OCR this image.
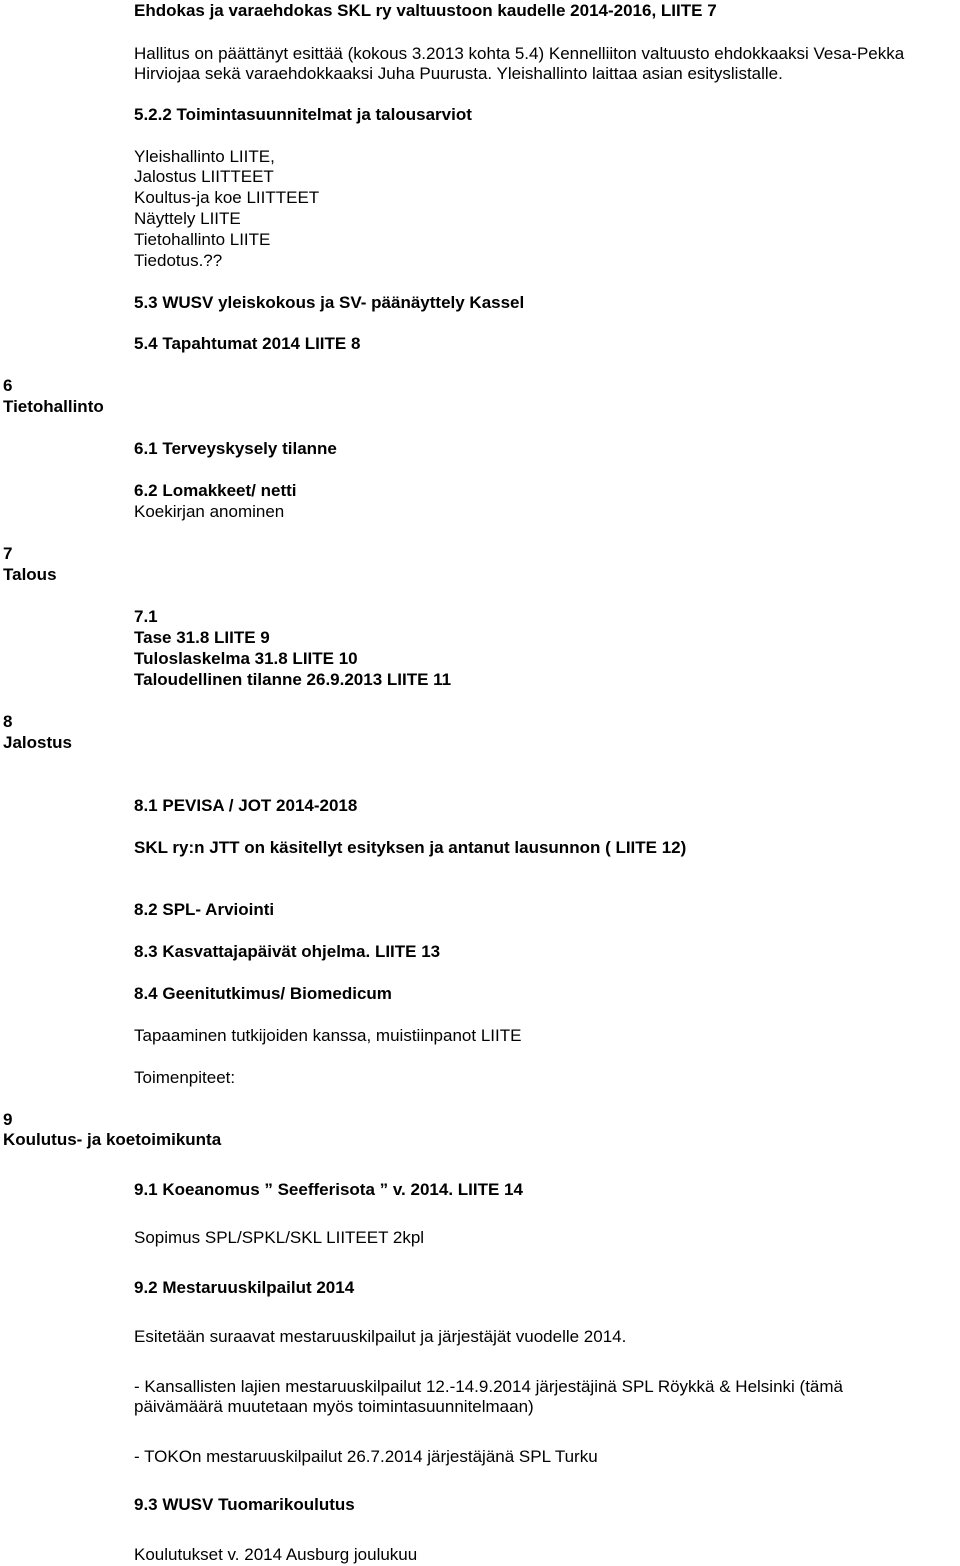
Ehdokas ja varaehdokas SKL ry valtuustoon kaudelle 2014-2016, LIITE 7
Hallitus on päättänyt esittää (kokous 3.2013 kohta 5.4) Kennelliiton valtuusto ehdokkaaksi Vesa-Pekka
Hirviojaa sekä varaehdokkaaksi Juha Puurusta. Yleishallinto laittaa asian esityslistalle.
5.2.2 Toimintasuunnitelmat ja talousarviot
Yleishallinto LIITE,
Jalostus LIITTEET
Koultus-ja koe LIITTEET
Näyttely LIITE
Tietohallinto LIITE
Tiedotus.??
5.3 WUSV yleiskokous ja SV- päänäyttely Kassel
5.4 Tapahtumat 2014 LIITE 8
6
Tietohallinto
6.1 Terveyskysely tilanne
6.2 Lomakkeet/ netti
Koekirjan anominen
7
Talous
7.1
Tase 31.8 LIITE 9
Tuloslaskelma 31.8 LIITE 10
Taloudellinen tilanne 26.9.2013 LIITE 11
8
Jalostus
8.1 PEVISA / JOT 2014-2018
SKL ry:n JTT on käsitellyt esityksen ja antanut lausunnon ( LIITE 12)
8.2 SPL- Arviointi
8.3 Kasvattajapäivät ohjelma. LIITE 13
8.4 Geenitutkimus/ Biomedicum
Tapaaminen tutkijoiden kanssa, muistiinpanot LIITE
Toimenpiteet:
9
Koulutus- ja koetoimikunta
9.1 Koeanomus ” Seefferisota ” v. 2014. LIITE 14
Sopimus SPL/SPKL/SKL LIITEET 2kpl
9.2 Mestaruuskilpailut 2014
Esitetään suraavat mestaruuskilpailut ja järjestäjät vuodelle 2014.
- Kansallisten lajien mestaruuskilpailut 12.-14.9.2014 järjestäjinä SPL Röykkä & Helsinki (tämä
päivämäärä muutetaan myös toimintasuunnitelmaan)
- TOKOn mestaruuskilpailut 26.7.2014 järjestäjänä SPL Turku
9.3 WUSV Tuomarikoulutus
Koulutukset v. 2014 Ausburg joulukuu
